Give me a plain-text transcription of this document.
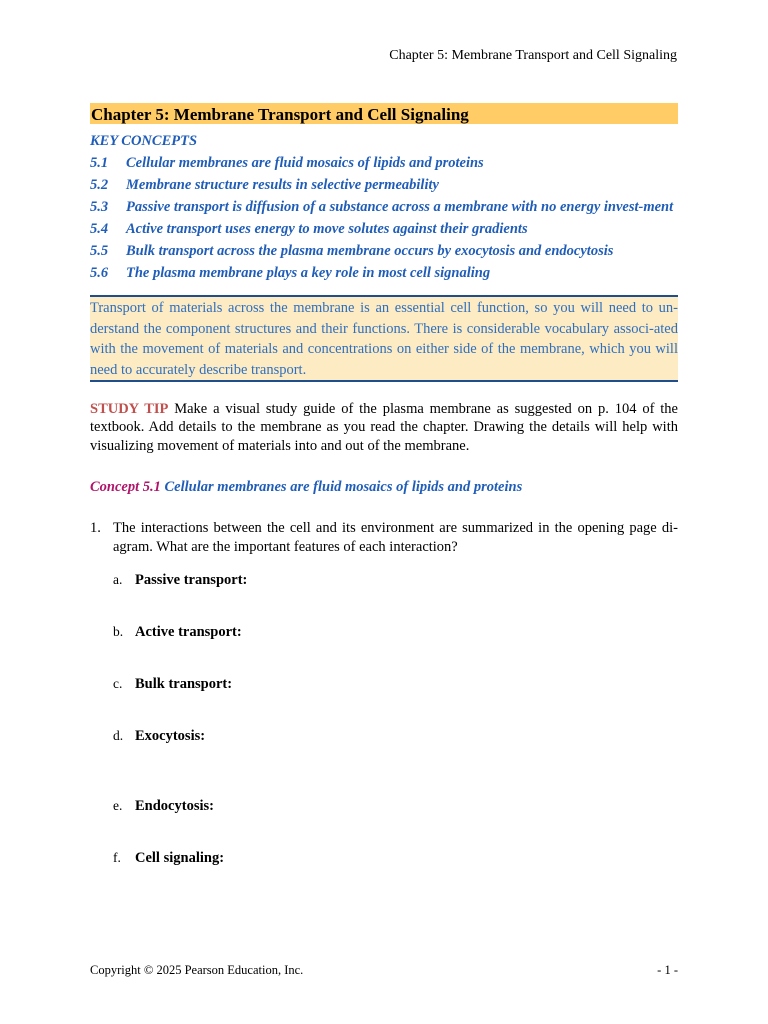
Chapter 5: Membrane Transport and Cell Signaling
Chapter 5: Membrane Transport and Cell Signaling
KEY CONCEPTS
5.1	Cellular membranes are fluid mosaics of lipids and proteins
5.2	Membrane structure results in selective permeability
5.3	Passive transport is diffusion of a substance across a membrane with no energy invest-ment
5.4	Active transport uses energy to move solutes against their gradients
5.5	Bulk transport across the plasma membrane occurs by exocytosis and endocytosis
5.6	The plasma membrane plays a key role in most cell signaling
Transport of materials across the membrane is an essential cell function, so you will need to un-derstand the component structures and their functions. There is considerable vocabulary associ-ated with the movement of materials and concentrations on either side of the membrane, which you will need to accurately describe transport.
STUDY TIP Make a visual study guide of the plasma membrane as suggested on p. 104 of the textbook. Add details to the membrane as you read the chapter. Drawing the details will help with visualizing movement of materials into and out of the membrane.
Concept 5.1 Cellular membranes are fluid mosaics of lipids and proteins
1. The interactions between the cell and its environment are summarized in the opening page di-agram. What are the important features of each interaction?
a. Passive transport:
b. Active transport:
c. Bulk transport:
d. Exocytosis:
e. Endocytosis:
f. Cell signaling:
Copyright © 2025 Pearson Education, Inc.	- 1 -
